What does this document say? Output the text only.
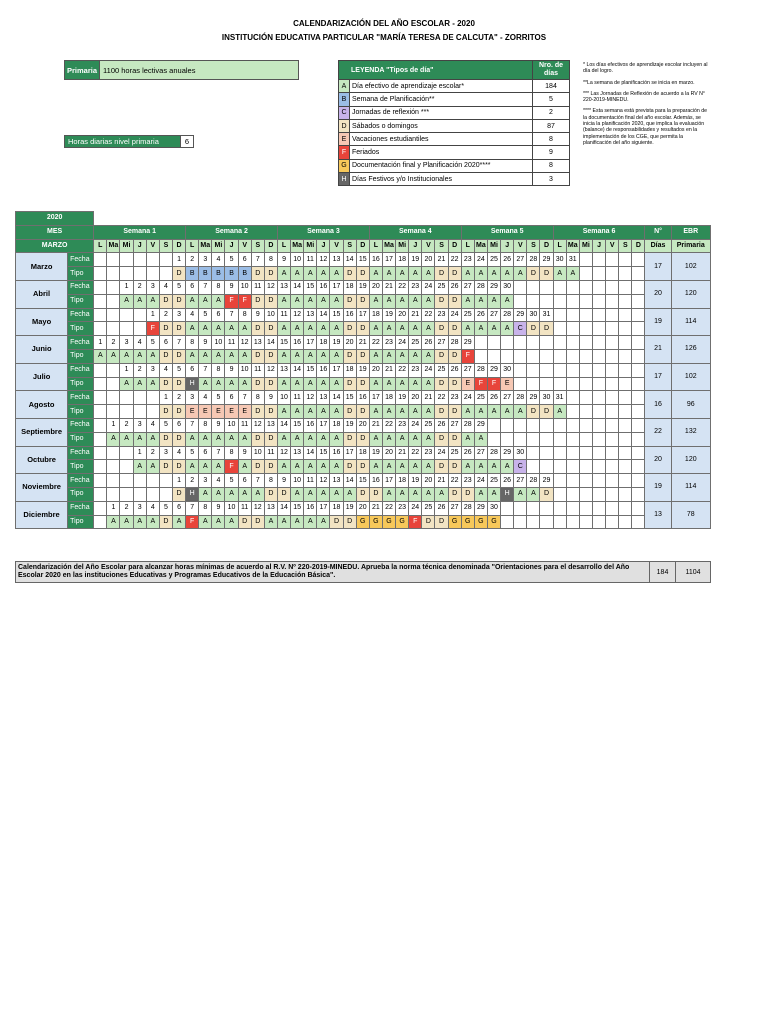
CALENDARIZACIÓN DEL AÑO ESCOLAR - 2020
INSTITUCIÓN EDUCATIVA PARTICULAR "MARÍA TERESA DE CALCUTA" - ZORRITOS
Primaria 1100 horas lectivas anuales
Horas diarias nivel primaria	6
LEYENDA "Tipos de día"		Nro. de días
A	Día efectivo de aprendizaje escolar*	184
B	Semana de Planificación**	5
C	Jornadas de reflexión ***	2
D	Sábados o domingos	87
E	Vacaciones estudiantiles	8
F	Feriados	9
G	Documentación final y Planificación 2020****	8
H	Días Festivos y/o Institucionales	3

* Los días efectivos de aprendizaje escolar incluyen al día del logro.

**La semana de planificación se inicia en marzo.

*** Las Jornadas de Reflexión de acuerdo a la RV N° 220-2019-MINEDU.

**** Esta semana está prevista para la preparación de la documentación final del año escolar. Además, se inicia la planificación 2020, que implica la evaluación (balance) de responsabilidades y resultados en la implementación de los CGE, que permita la planificación del año siguiente.

2020																																													
MES		Semana 1							Semana 2							Semana 3							Semana 4							Semana 5							Semana 6							N°	EBR
MARZO		L	Ma	Mi	J	V	S	D	L	Ma	Mi	J	V	S	D	L	Ma	Mi	J	V	S	D	L	Ma	Mi	J	V	S	D	L	Ma	Mi	J	V	S	D	L	Ma	Mi	J	V	S	D	Días	Primaria
Marzo	Fecha							1	2	3	4	5	6	7	8	9	10	11	12	13	14	15	16	17	18	19	20	21	22	23	24	25	26	27	28	29	30	31						17	102
	Tipo							D	B	B	B	B	B	D	D	A	A	A	A	A	D	D	A	A	A	A	A	D	D	A	A	A	A	A	D	D	A	A							
Abril	Fecha			1	2	3	4	5	6	7	8	9	10	11	12	13	14	15	16	17	18	19	20	21	22	23	24	25	26	27	28	29	30											20	120
	Tipo			A	A	A	D	D	A	A	A	F	F	D	D	A	A	A	A	A	D	D	A	A	A	A	A	D	D	A	A	A	A												
Mayo	Fecha					1	2	3	4	5	6	7	8	9	10	11	12	13	14	15	16	17	18	19	20	21	22	23	24	25	26	27	28	29	30	31								19	114
	Tipo					F	D	D	A	A	A	A	A	D	D	A	A	A	A	A	D	D	A	A	A	A	A	D	D	A	A	A	A	C	D	D									
Junio	Fecha	1	2	3	4	5	6	7	8	9	10	11	12	13	14	15	16	17	18	19	20	21	22	23	24	25	26	27	28	29														21	126
	Tipo	A	A	A	A	A	D	D	A	A	A	A	A	D	D	A	A	A	A	A	D	D	A	A	A	A	A	D	D	F															
Julio	Fecha			1	2	3	4	5	6	7	8	9	10	11	12	13	14	15	16	17	18	19	20	21	22	23	24	25	26	27	28	29	30											17	102
	Tipo			A	A	A	D	D	H	A	A	A	A	D	D	A	A	A	A	A	D	D	A	A	A	A	A	D	D	E	F	F	E												
Agosto	Fecha						1	2	3	4	5	6	7	8	9	10	11	12	13	14	15	16	17	18	19	20	21	22	23	24	25	26	27	28	29	30	31							16	96
	Tipo						D	D	E	E	E	E	E	D	D	A	A	A	A	A	D	D	A	A	A	A	A	D	D	A	A	A	A	A	D	D	A								
Septiembre	Fecha		1	2	3	4	5	6	7	8	9	10	11	12	13	14	15	16	17	18	19	20	21	22	23	24	25	26	27	28	29													22	132
	Tipo		A	A	A	A	D	D	A	A	A	A	A	D	D	A	A	A	A	A	D	D	A	A	A	A	A	D	D	A	A														
Octubre	Fecha				1	2	3	4	5	6	7	8	9	10	11	12	13	14	15	16	17	18	19	20	21	22	23	24	25	26	27	28	29	30										20	120
	Tipo				A	A	D	D	A	A	A	F	A	D	D	A	A	A	A	A	D	D	A	A	A	A	A	D	D	A	A	A	A	C											
Noviembre	Fecha							1	2	3	4	5	6	7	8	9	10	11	12	13	14	15	16	17	18	19	20	21	22	23	24	25	26	27	28	29								19	114
	Tipo							D	H	A	A	A	A	A	D	D	A	A	A	A	A	D	D	A	A	A	A	A	D	D	A	A	H	A	A	D									
Diciembre	Fecha		1	2	3	4	5	6	7	8	9	10	11	12	13	14	15	16	17	18	19	20	21	22	23	24	25	26	27	28	29	30												13	78
	Tipo		A	A	A	A	D	A	F	A	A	A	D	D	A	A	A	A	A	D	D	G	G	G	G	F	D	D	G	G	G	G													
Calendarización del Año Escolar para alcanzar horas mínimas de acuerdo al R.V. Nº 220-2019-MINEDU. Aprueba la norma técnica denominada "Orientaciones para el desarrollo del Año Escolar 2020 en las instituciones Educativas y Programas Educativos de la Educación Básica".	184	1104
